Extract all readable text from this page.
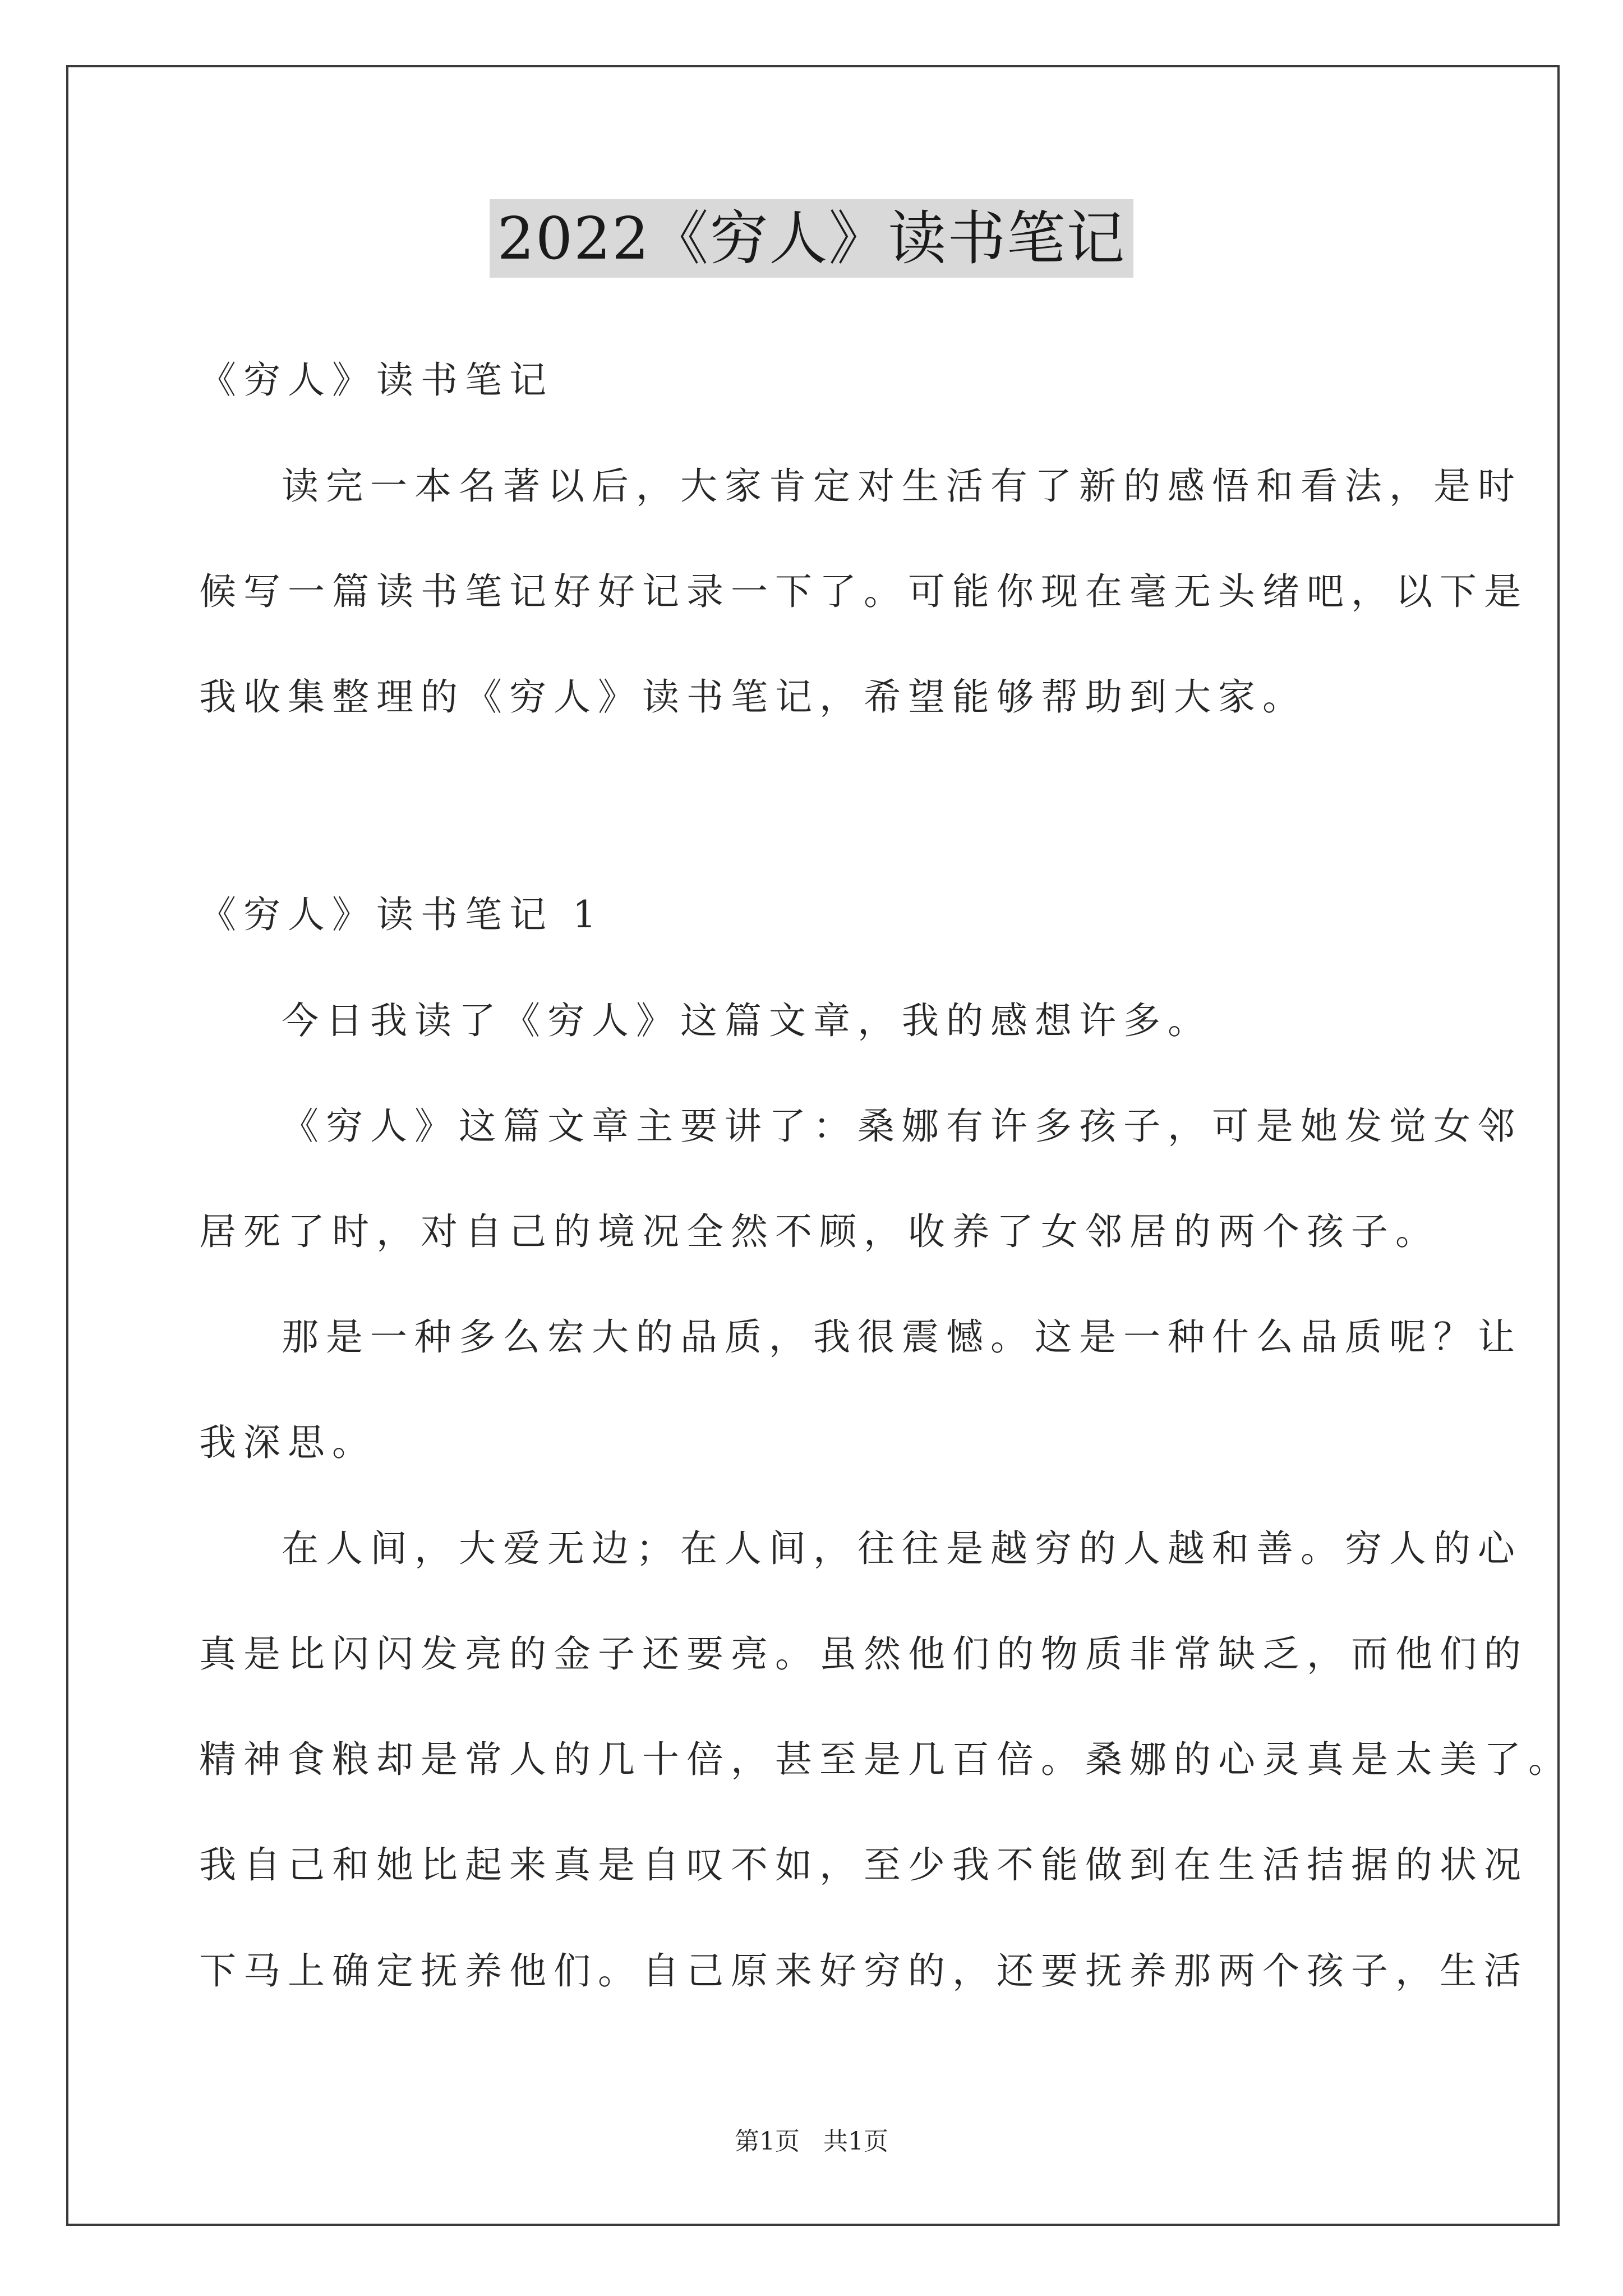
2022《穷人》读书笔记
《穷人》读书笔记
读完一本名著以后，大家肯定对生活有了新的感悟和看法，是时
候写一篇读书笔记好好记录一下了。可能你现在毫无头绪吧，以下是
我收集整理的《穷人》读书笔记，希望能够帮助到大家。
《穷人》读书笔记 1
今日我读了《穷人》这篇文章，我的感想许多。
《穷人》这篇文章主要讲了：桑娜有许多孩子，可是她发觉女邻
居死了时，对自己的境况全然不顾，收养了女邻居的两个孩子。
那是一种多么宏大的品质，我很震憾。这是一种什么品质呢？让
我深思。
在人间，大爱无边；在人间，往往是越穷的人越和善。穷人的心
真是比闪闪发亮的金子还要亮。虽然他们的物质非常缺乏，而他们的
精神食粮却是常人的几十倍，甚至是几百倍。桑娜的心灵真是太美了。
我自己和她比起来真是自叹不如，至少我不能做到在生活拮据的状况
下马上确定抚养他们。自己原来好穷的，还要抚养那两个孩子，生活
第1页   共1页
